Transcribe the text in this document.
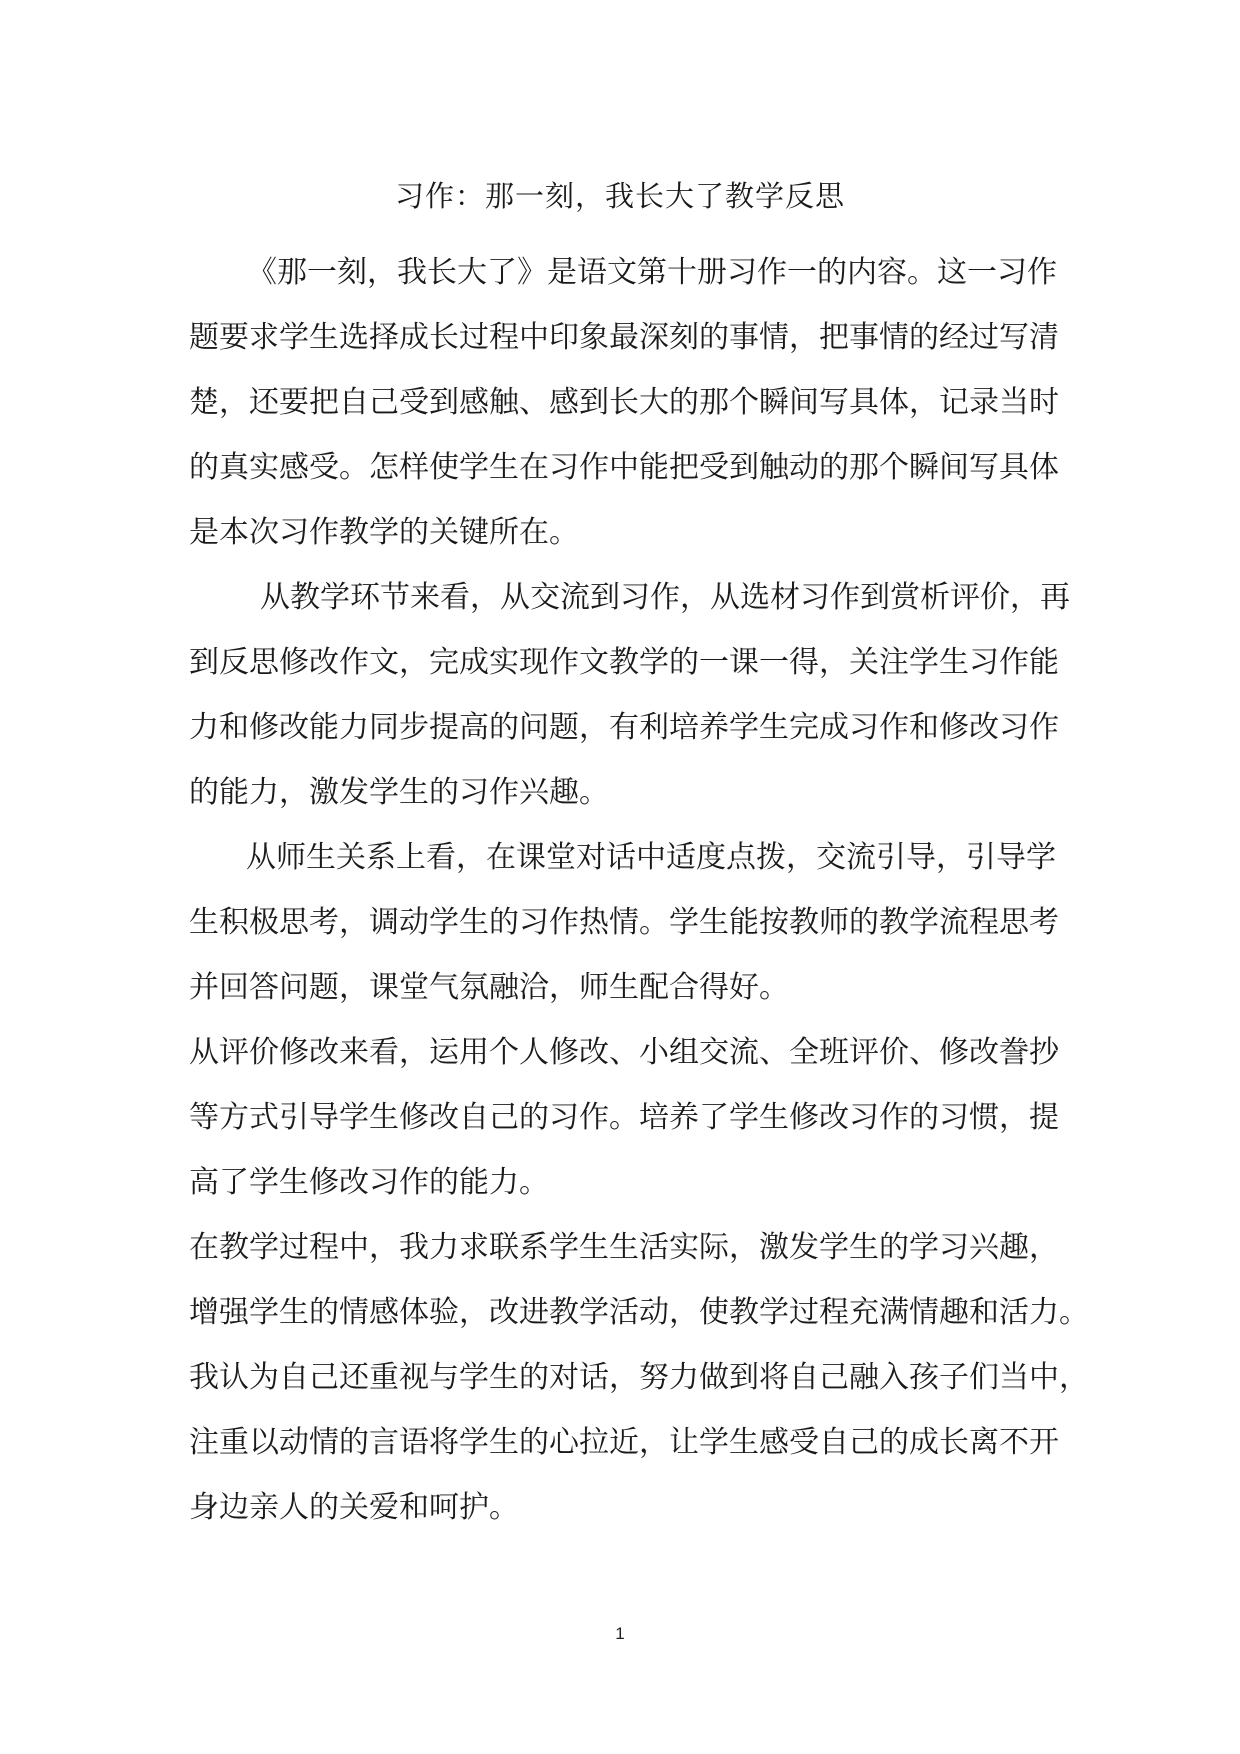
习作：那一刻，我长大了教学反思

《那一刻，我长大了》是语文第十册习作一的内容。这一习作
题要求学生选择成长过程中印象最深刻的事情，把事情的经过写清
楚，还要把自己受到感触、感到长大的那个瞬间写具体，记录当时
的真实感受。怎样使学生在习作中能把受到触动的那个瞬间写具体
是本次习作教学的关键所在。

从教学环节来看，从交流到习作，从选材习作到赏析评价，再
到反思修改作文，完成实现作文教学的一课一得，关注学生习作能
力和修改能力同步提高的问题，有利培养学生完成习作和修改习作
的能力，激发学生的习作兴趣。

从师生关系上看，在课堂对话中适度点拨，交流引导，引导学
生积极思考，调动学生的习作热情。学生能按教师的教学流程思考
并回答问题，课堂气氛融洽，师生配合得好。

从评价修改来看，运用个人修改、小组交流、全班评价、修改誊抄
等方式引导学生修改自己的习作。培养了学生修改习作的习惯，提
高了学生修改习作的能力。

在教学过程中，我力求联系学生生活实际，激发学生的学习兴趣，
增强学生的情感体验，改进教学活动，使教学过程充满情趣和活力。
我认为自己还重视与学生的对话，努力做到将自己融入孩子们当中，
注重以动情的言语将学生的心拉近，让学生感受自己的成长离不开
身边亲人的关爱和呵护。

1
